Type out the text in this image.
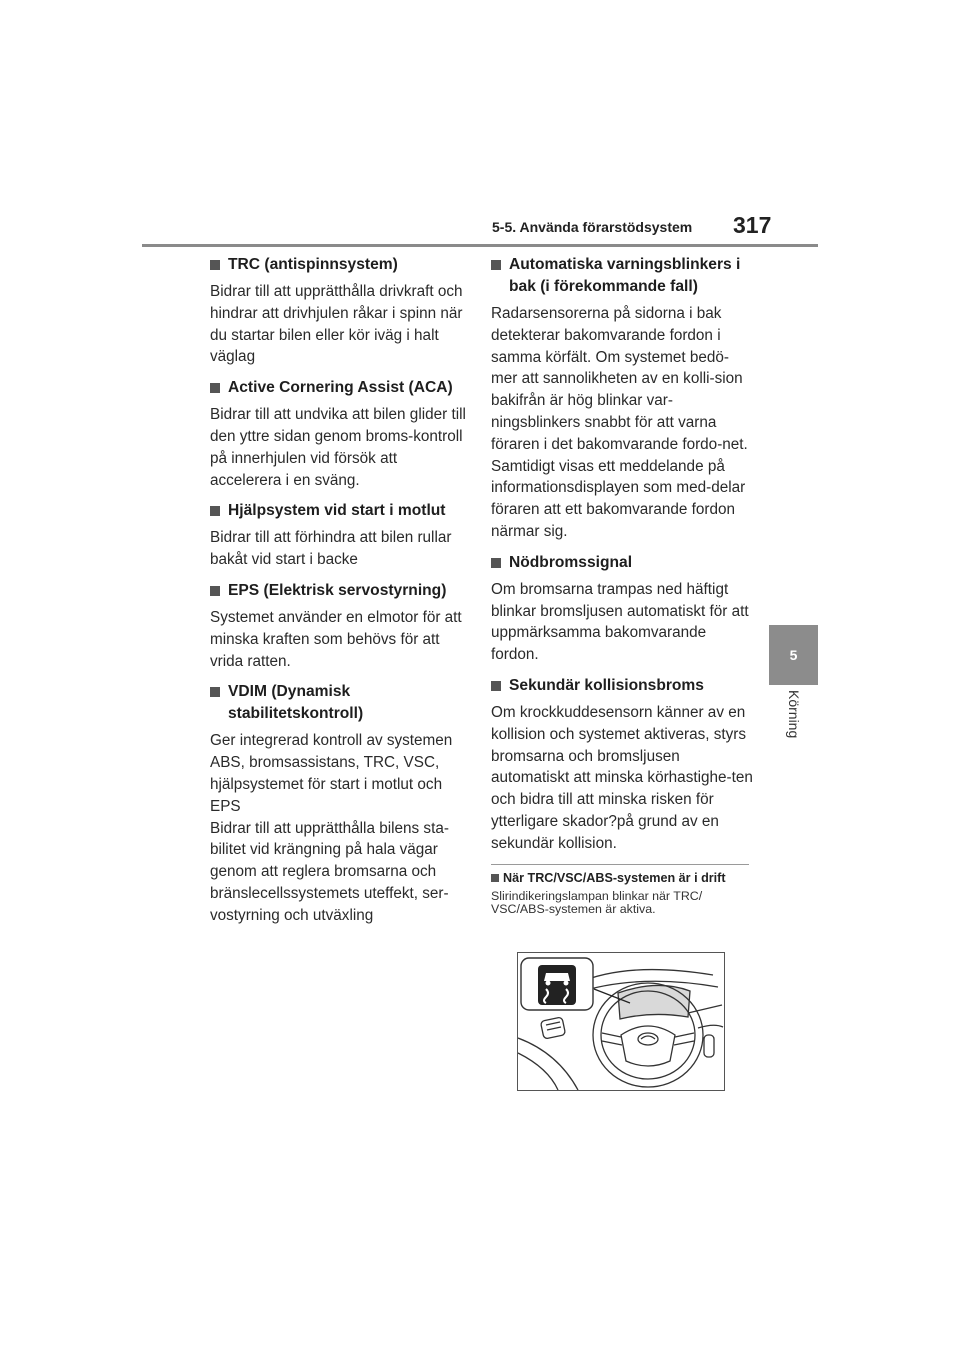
5-5. Använda förarstödsystem 317
5
Körning
TRC (antispinnsystem)
Bidrar till att upprätthålla drivkraft och hindrar att drivhjulen råkar i spinn när du startar bilen eller kör iväg i halt väglag
Active Cornering Assist (ACA)
Bidrar till att undvika att bilen glider till den yttre sidan genom broms-kontroll på innerhjulen vid försök att accelerera i en sväng.
Hjälpsystem vid start i motlut
Bidrar till att förhindra att bilen rullar bakåt vid start i backe
EPS (Elektrisk servostyrning)
Systemet använder en elmotor för att minska kraften som behövs för att vrida ratten.
VDIM (Dynamisk stabilitetskontroll)
Ger integrerad kontroll av systemen ABS, bromsassistans, TRC, VSC, hjälpsystemet för start i motlut och EPS
Bidrar till att upprätthålla bilens sta-bilitet vid krängning på hala vägar genom att reglera bromsarna och bränslecellssystemets uteffekt, ser-vostyrning och utväxling
Automatiska varningsblinkers i bak (i förekommande fall)
Radarsensorerna på sidorna i bak detekterar bakomvarande fordon i samma körfält. Om systemet bedö-mer att sannolikheten av en kolli-sion bakifrån är hög blinkar var-ningsblinkers snabbt för att varna föraren i det bakomvarande fordo-net. Samtidigt visas ett meddelande på informationsdisplayen som med-delar föraren att ett bakomvarande fordon närmar sig.
Nödbromssignal
Om bromsarna trampas ned häftigt blinkar bromsljusen automatiskt för att uppmärksamma bakomvarande fordon.
Sekundär kollisionsbroms
Om krockkuddesensorn känner av en kollision och systemet aktiveras, styrs bromsarna och bromsljusen automatiskt att minska körhastighe-ten och bidra till att minska risken för ytterligare skador?på grund av en sekundär kollision.
När TRC/VSC/ABS-systemen är i drift
Slirindikeringslampan blinkar när TRC/ VSC/ABS-systemen är aktiva.
